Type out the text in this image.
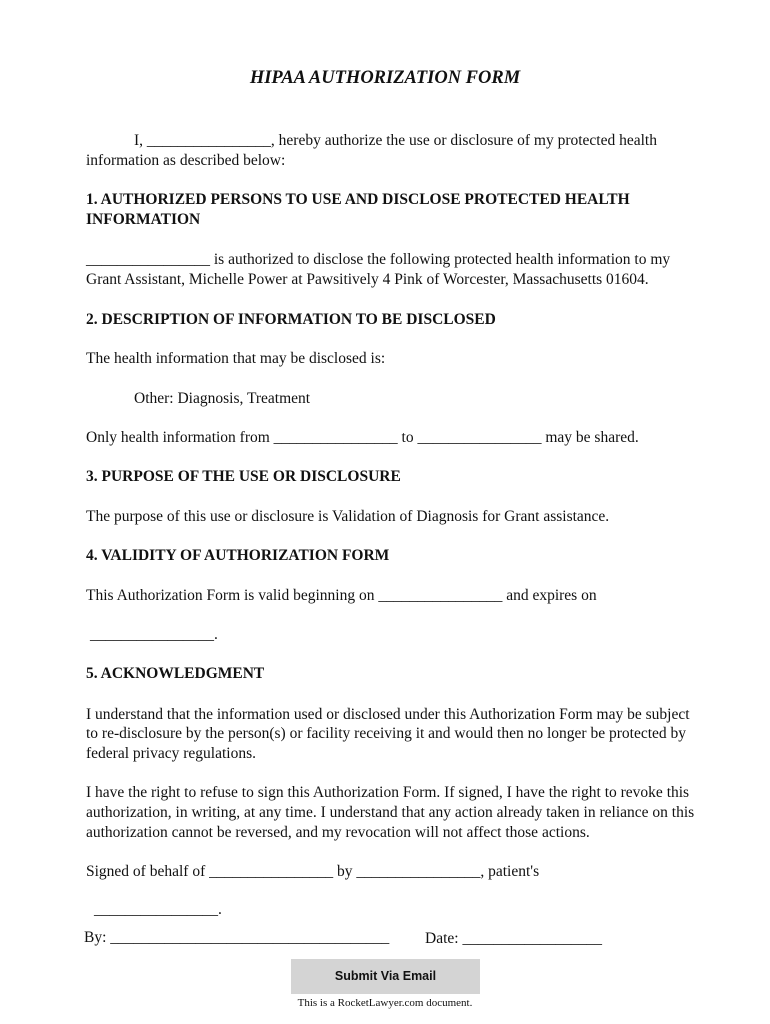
HIPAA AUTHORIZATION FORM
I, ________________, hereby authorize the use or disclosure of my protected health
information as described below:
1. AUTHORIZED PERSONS TO USE AND DISCLOSE PROTECTED HEALTH
INFORMATION
________________ is authorized to disclose the following protected health information to my
Grant Assistant, Michelle Power at Pawsitively 4 Pink of Worcester, Massachusetts 01604.
2. DESCRIPTION OF INFORMATION TO BE DISCLOSED
The health information that may be disclosed is:
Other: Diagnosis, Treatment
Only health information from ________________ to ________________ may be shared.
3. PURPOSE OF THE USE OR DISCLOSURE
The purpose of this use or disclosure is Validation of Diagnosis for Grant assistance.
4. VALIDITY OF AUTHORIZATION FORM
This Authorization Form is valid beginning on ________________ and expires on
________________.
5. ACKNOWLEDGMENT
I understand that the information used or disclosed under this Authorization Form may be subject
to re-disclosure by the person(s) or facility receiving it and would then no longer be protected by
federal privacy regulations.
I have the right to refuse to sign this Authorization Form. If signed, I have the right to revoke this
authorization, in writing, at any time. I understand that any action already taken in reliance on this
authorization cannot be reversed, and my revocation will not affect those actions.
Signed of behalf of ________________ by ________________, patient's
________________.
By: ____________________________________ Date: __________________
Submit Via Email
This is a RocketLawyer.com document.
